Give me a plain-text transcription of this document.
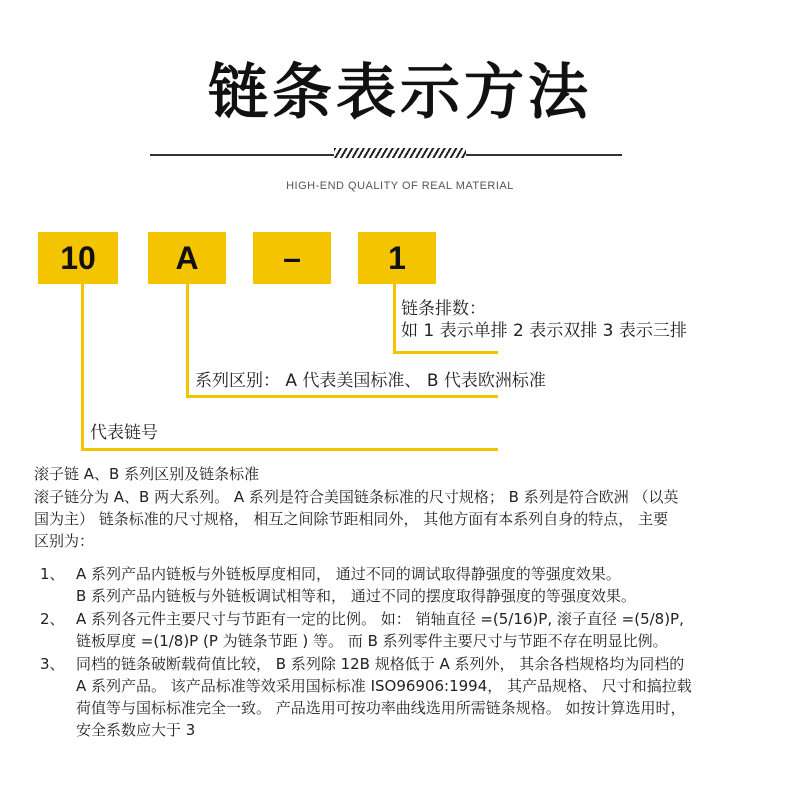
链条表示方法
HIGH-END QUALITY OF REAL MATERIAL
10	A	–	1
链条排数：
如 1 表示单排 2 表示双排 3 表示三排
系列区别： A 代表美国标准、 B 代表欧洲标准
代表链号
滚子链 A、B 系列区别及链条标准
滚子链分为 A、B 两大系列。 A 系列是符合美国链条标准的尺寸规格； B 系列是符合欧洲 （以英
国为主） 链条标准的尺寸规格， 相互之间除节距相同外， 其他方面有本系列自身的特点， 主要
区别为：
1、 A 系列产品内链板与外链板厚度相同， 通过不同的调试取得静强度的等强度效果。
B 系列产品内链板与外链板调试相等和， 通过不同的摆度取得静强度的等强度效果。
2、 A 系列各元件主要尺寸与节距有一定的比例。 如： 销轴直径 =(5/16)P, 滚子直径 =(5/8)P,
链板厚度 =(1/8)P (P 为链条节距 ) 等。 而 B 系列零件主要尺寸与节距不存在明显比例。
3、 同档的链条破断载荷值比较， B 系列除 12B 规格低于 A 系列外， 其余各档规格均为同档的
A 系列产品。 该产品标准等效采用国标标准 ISO96906:1994， 其产品规格、 尺寸和搞拉载
荷值等与国标标准完全一致。 产品选用可按功率曲线选用所需链条规格。 如按计算选用时，
安全系数应大于 3
